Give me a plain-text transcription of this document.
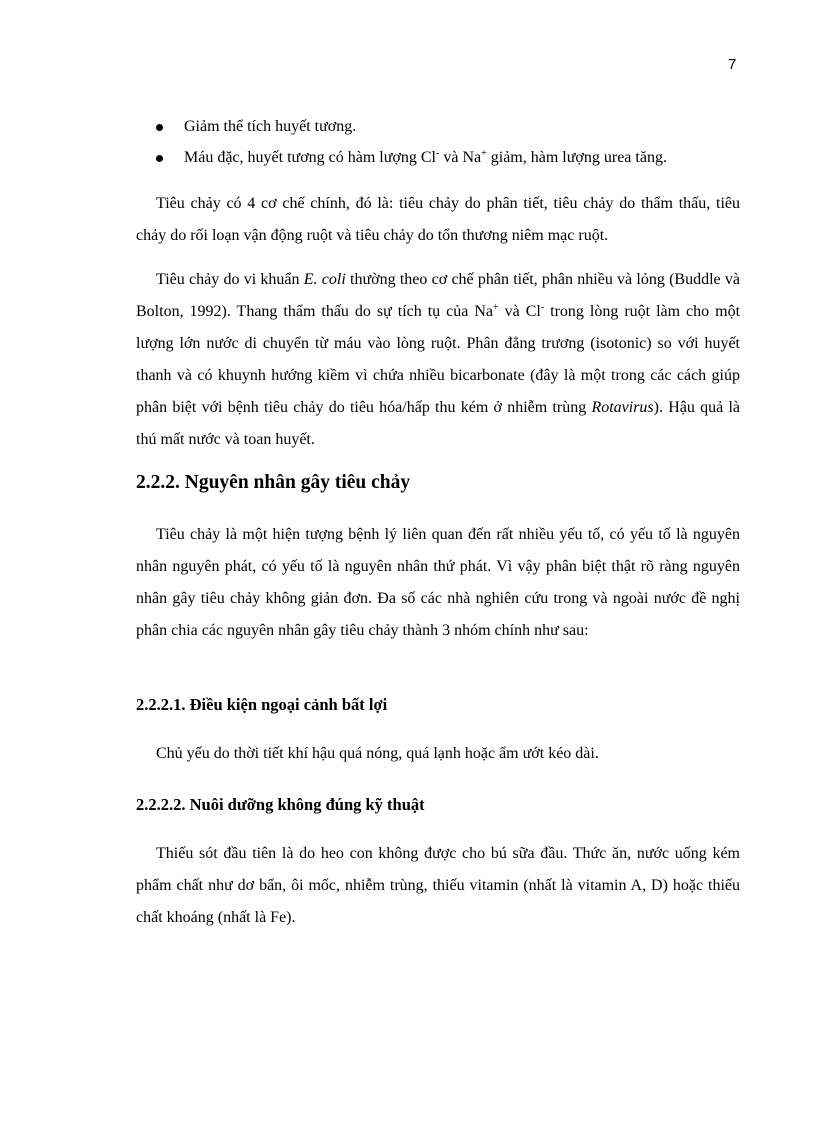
7
Giảm thể tích huyết tương.
Máu đặc, huyết tương có hàm lượng Cl- và Na+ giảm, hàm lượng urea tăng.

Tiêu chảy có 4 cơ chế chính, đó là: tiêu chảy do phân tiết, tiêu chảy do thẩm thấu, tiêu chảy do rối loạn vận động ruột và tiêu chảy do tổn thương niêm mạc ruột.

Tiêu chảy do vi khuẩn E. coli thường theo cơ chế phân tiết, phân nhiều và lỏng (Buddle và Bolton, 1992). Thang thẩm thấu do sự tích tụ của Na+ và Cl- trong lòng ruột làm cho một lượng lớn nước di chuyển từ máu vào lòng ruột. Phân đẳng trương (isotonic) so với huyết thanh và có khuynh hướng kiềm vì chứa nhiều bicarbonate (đây là một trong các cách giúp phân biệt với bệnh tiêu chảy do tiêu hóa/hấp thu kém ở nhiễm trùng Rotavirus). Hậu quả là thú mất nước và toan huyết.

2.2.2. Nguyên nhân gây tiêu chảy

Tiêu chảy là một hiện tượng bệnh lý liên quan đến rất nhiều yếu tố, có yếu tố là nguyên nhân nguyên phát, có yếu tố là nguyên nhân thứ phát. Vì vậy phân biệt thật rõ ràng nguyên nhân gây tiêu chảy không giản đơn. Đa số các nhà nghiên cứu trong và ngoài nước đề nghị phân chia các nguyên nhân gây tiêu chảy thành 3 nhóm chính như sau:

2.2.2.1. Điều kiện ngoại cảnh bất lợi

Chủ yếu do thời tiết khí hậu quá nóng, quá lạnh hoặc ẩm ướt kéo dài.

2.2.2.2. Nuôi dưỡng không đúng kỹ thuật

Thiếu sót đầu tiên là do heo con không được cho bú sữa đầu. Thức ăn, nước uống kém phẩm chất như dơ bẩn, ôi mốc, nhiễm trùng, thiếu vitamin (nhất là vitamin A, D) hoặc thiếu chất khoáng (nhất là Fe).
